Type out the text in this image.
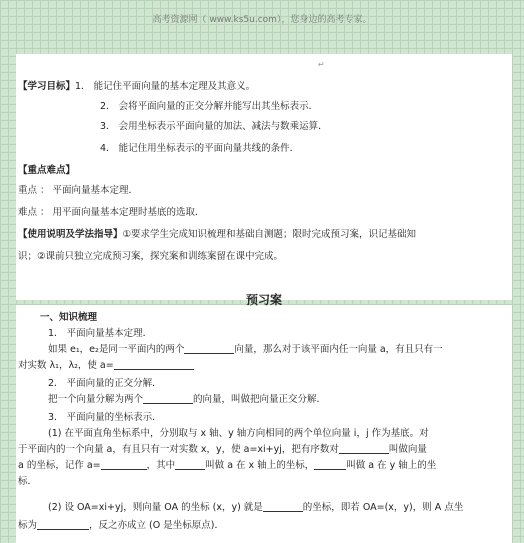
高考资源网（ www.ks5u.com），您身边的高考专家。
↵
【学习目标】1． 能记住平面向量的基本定理及其意义。
2． 会将平面向量的正交分解并能写出其坐标表示．
3． 会用坐标表示平面向量的加法、减法与数乘运算．
4． 能记住用坐标表示的平面向量共线的条件．
【重点难点】
重点 ： 平面向量基本定理．
难点 ： 用平面向量基本定理时基底的选取．
【使用说明及学法指导】①要求学生完成知识梳理和基础自测题；限时完成预习案，识记基础知
识；②课前只独立完成预习案，探究案和训练案留在课中完成。
预习案
一、知识梳理
1． 平面向量基本定理．
如果 e₁，e₂是同一平面内的两个	向量，那么对于该平面内任一向量 a，有且只有一
对实数 λ₁，λ₂，使 a=
2． 平面向量的正交分解．
把一个向量分解为两个	的向量，叫做把向量正交分解．
3． 平面向量的坐标表示．
(1) 在平面直角坐标系中，分别取与 x 轴、y 轴方向相同的两个单位向量 i，j 作为基底。对
于平面内的一个向量 a，有且只有一对实数 x，y，使 a=xi+yj，把有序数对	叫做向量
a 的坐标，记作 a=	，其中	叫做 a 在 x 轴上的坐标，	叫做 a 在 y 轴上的坐
标．
(2) 设 OA=xi+yj，则向量 OA 的坐标 (x，y) 就是	的坐标，即若 OA=(x，y)，则 A 点坐
标为	，反之亦成立 (O 是坐标原点)．
